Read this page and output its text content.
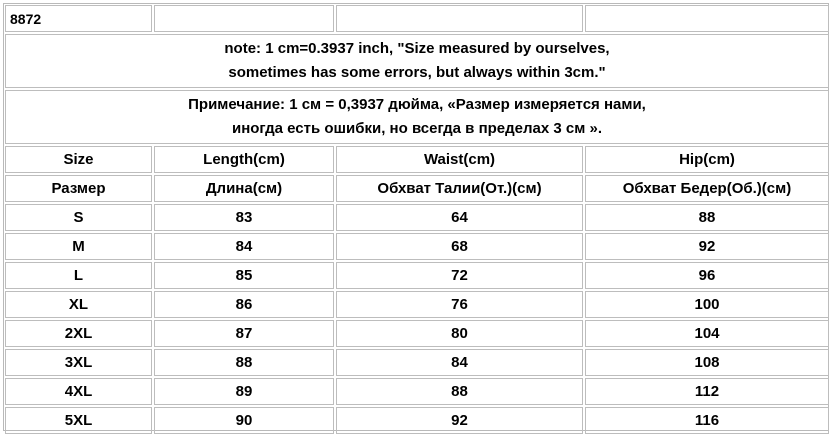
8872			

note: 1 cm=0.3937 inch, "Size measured by ourselves,
sometimes has some errors, but always within 3cm."			

Примечание: 1 см = 0,3937 дюйма, «Размер измеряется нами,
иногда есть ошибки, но всегда в пределах 3 см ».			

Size	Length(cm)	Waist(cm)	Hip(cm)
Размер	Длина(см)	Обхват Талии(От.)(см)	Обхват Бедер(Об.)(см)
S	83	64	88
M	84	68	92
L	85	72	96
XL	86	76	100
2XL	87	80	104
3XL	88	84	108
4XL	89	88	112
5XL	90	92	116
